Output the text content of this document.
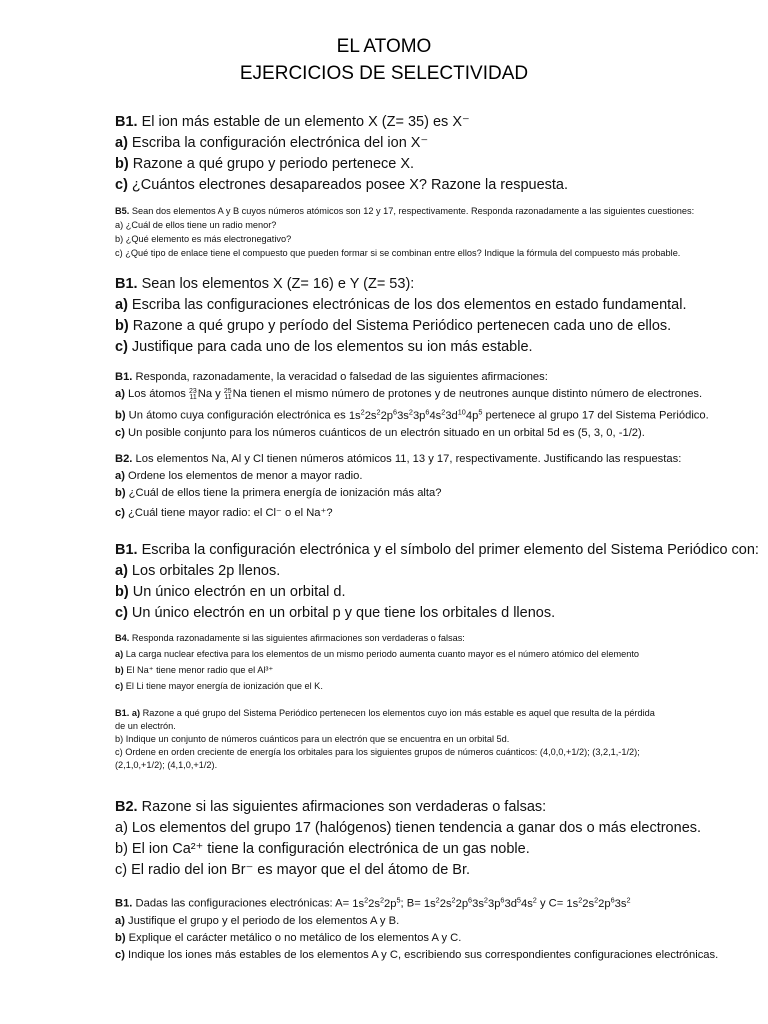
EL ATOMO
EJERCICIOS DE SELECTIVIDAD
B1. El ion más estable de un elemento X (Z= 35) es X⁻
a) Escriba la configuración electrónica del ion X⁻
b) Razone a qué grupo y periodo pertenece X.
c) ¿Cuántos electrones desapareados posee X? Razone la respuesta.
B5. Sean dos elementos A y B cuyos números atómicos son 12 y 17, respectivamente. Responda razonadamente a las siguientes cuestiones:
a) ¿Cuál de ellos tiene un radio menor?
b) ¿Qué elemento es más electronegativo?
c) ¿Qué tipo de enlace tiene el compuesto que pueden formar si se combinan entre ellos? Indique la fórmula del compuesto más probable.
B1. Sean los elementos X (Z= 16) e Y (Z= 53):
a) Escriba las configuraciones electrónicas de los dos elementos en estado fundamental.
b) Razone a qué grupo y período del Sistema Periódico pertenecen cada uno de ellos.
c) Justifique para cada uno de los elementos su ion más estable.
B1. Responda, razonadamente, la veracidad o falsedad de las siguientes afirmaciones:
a) Los átomos 23
11Na y 25
11Na tienen el mismo número de protones y de neutrones aunque distinto número de electrones.
b) Un átomo cuya configuración electrónica es $1s^22s^22p^63s^23p^64s^23d^{10}4p^5$ pertenece al grupo 17 del Sistema Periódico.
c) Un posible conjunto para los números cuánticos de un electrón situado en un orbital 5d es (5, 3, 0, -1/2).
B2. Los elementos Na, Al y Cl tienen números atómicos 11, 13 y 17, respectivamente. Justificando las respuestas:
a) Ordene los elementos de menor a mayor radio.
b) ¿Cuál de ellos tiene la primera energía de ionización más alta?
c) ¿Cuál tiene mayor radio: el Cl⁻ o el Na⁺?
B1. Escriba la configuración electrónica y el símbolo del primer elemento del Sistema Periódico con:
a) Los orbitales 2p llenos.
b) Un único electrón en un orbital d.
c) Un único electrón en un orbital p y que tiene los orbitales d llenos.
B4. Responda razonadamente si las siguientes afirmaciones son verdaderas o falsas:
a) La carga nuclear efectiva para los elementos de un mismo periodo aumenta cuanto mayor es el número atómico del elemento
b) El Na⁺ tiene menor radio que el Al³⁺
c) El Li tiene mayor energía de ionización que el K.
B1. a) Razone a qué grupo del Sistema Periódico pertenecen los elementos cuyo ion más estable es aquel que resulta de la pérdida de un electrón.
b) Indique un conjunto de números cuánticos para un electrón que se encuentra en un orbital 5d.
c) Ordene en orden creciente de energía los orbitales para los siguientes grupos de números cuánticos: (4,0,0,+1/2); (3,2,1,-1/2); (2,1,0,+1/2); (4,1,0,+1/2).
B2. Razone si las siguientes afirmaciones son verdaderas o falsas:
a) Los elementos del grupo 17 (halógenos) tienen tendencia a ganar dos o más electrones.
b) El ion Ca²⁺ tiene la configuración electrónica de un gas noble.
c) El radio del ion Br⁻ es mayor que el del átomo de Br.
B1. Dadas las configuraciones electrónicas: $A= 1s^22s^22p^5$; $B= 1s^22s^22p^63s^23p^63d^54s^2$ y $C= 1s^22s^22p^63s^2$
a) Justifique el grupo y el periodo de los elementos A y B.
b) Explique el carácter metálico o no metálico de los elementos A y C.
c) Indique los iones más estables de los elementos A y C, escribiendo sus correspondientes configuraciones electrónicas.
